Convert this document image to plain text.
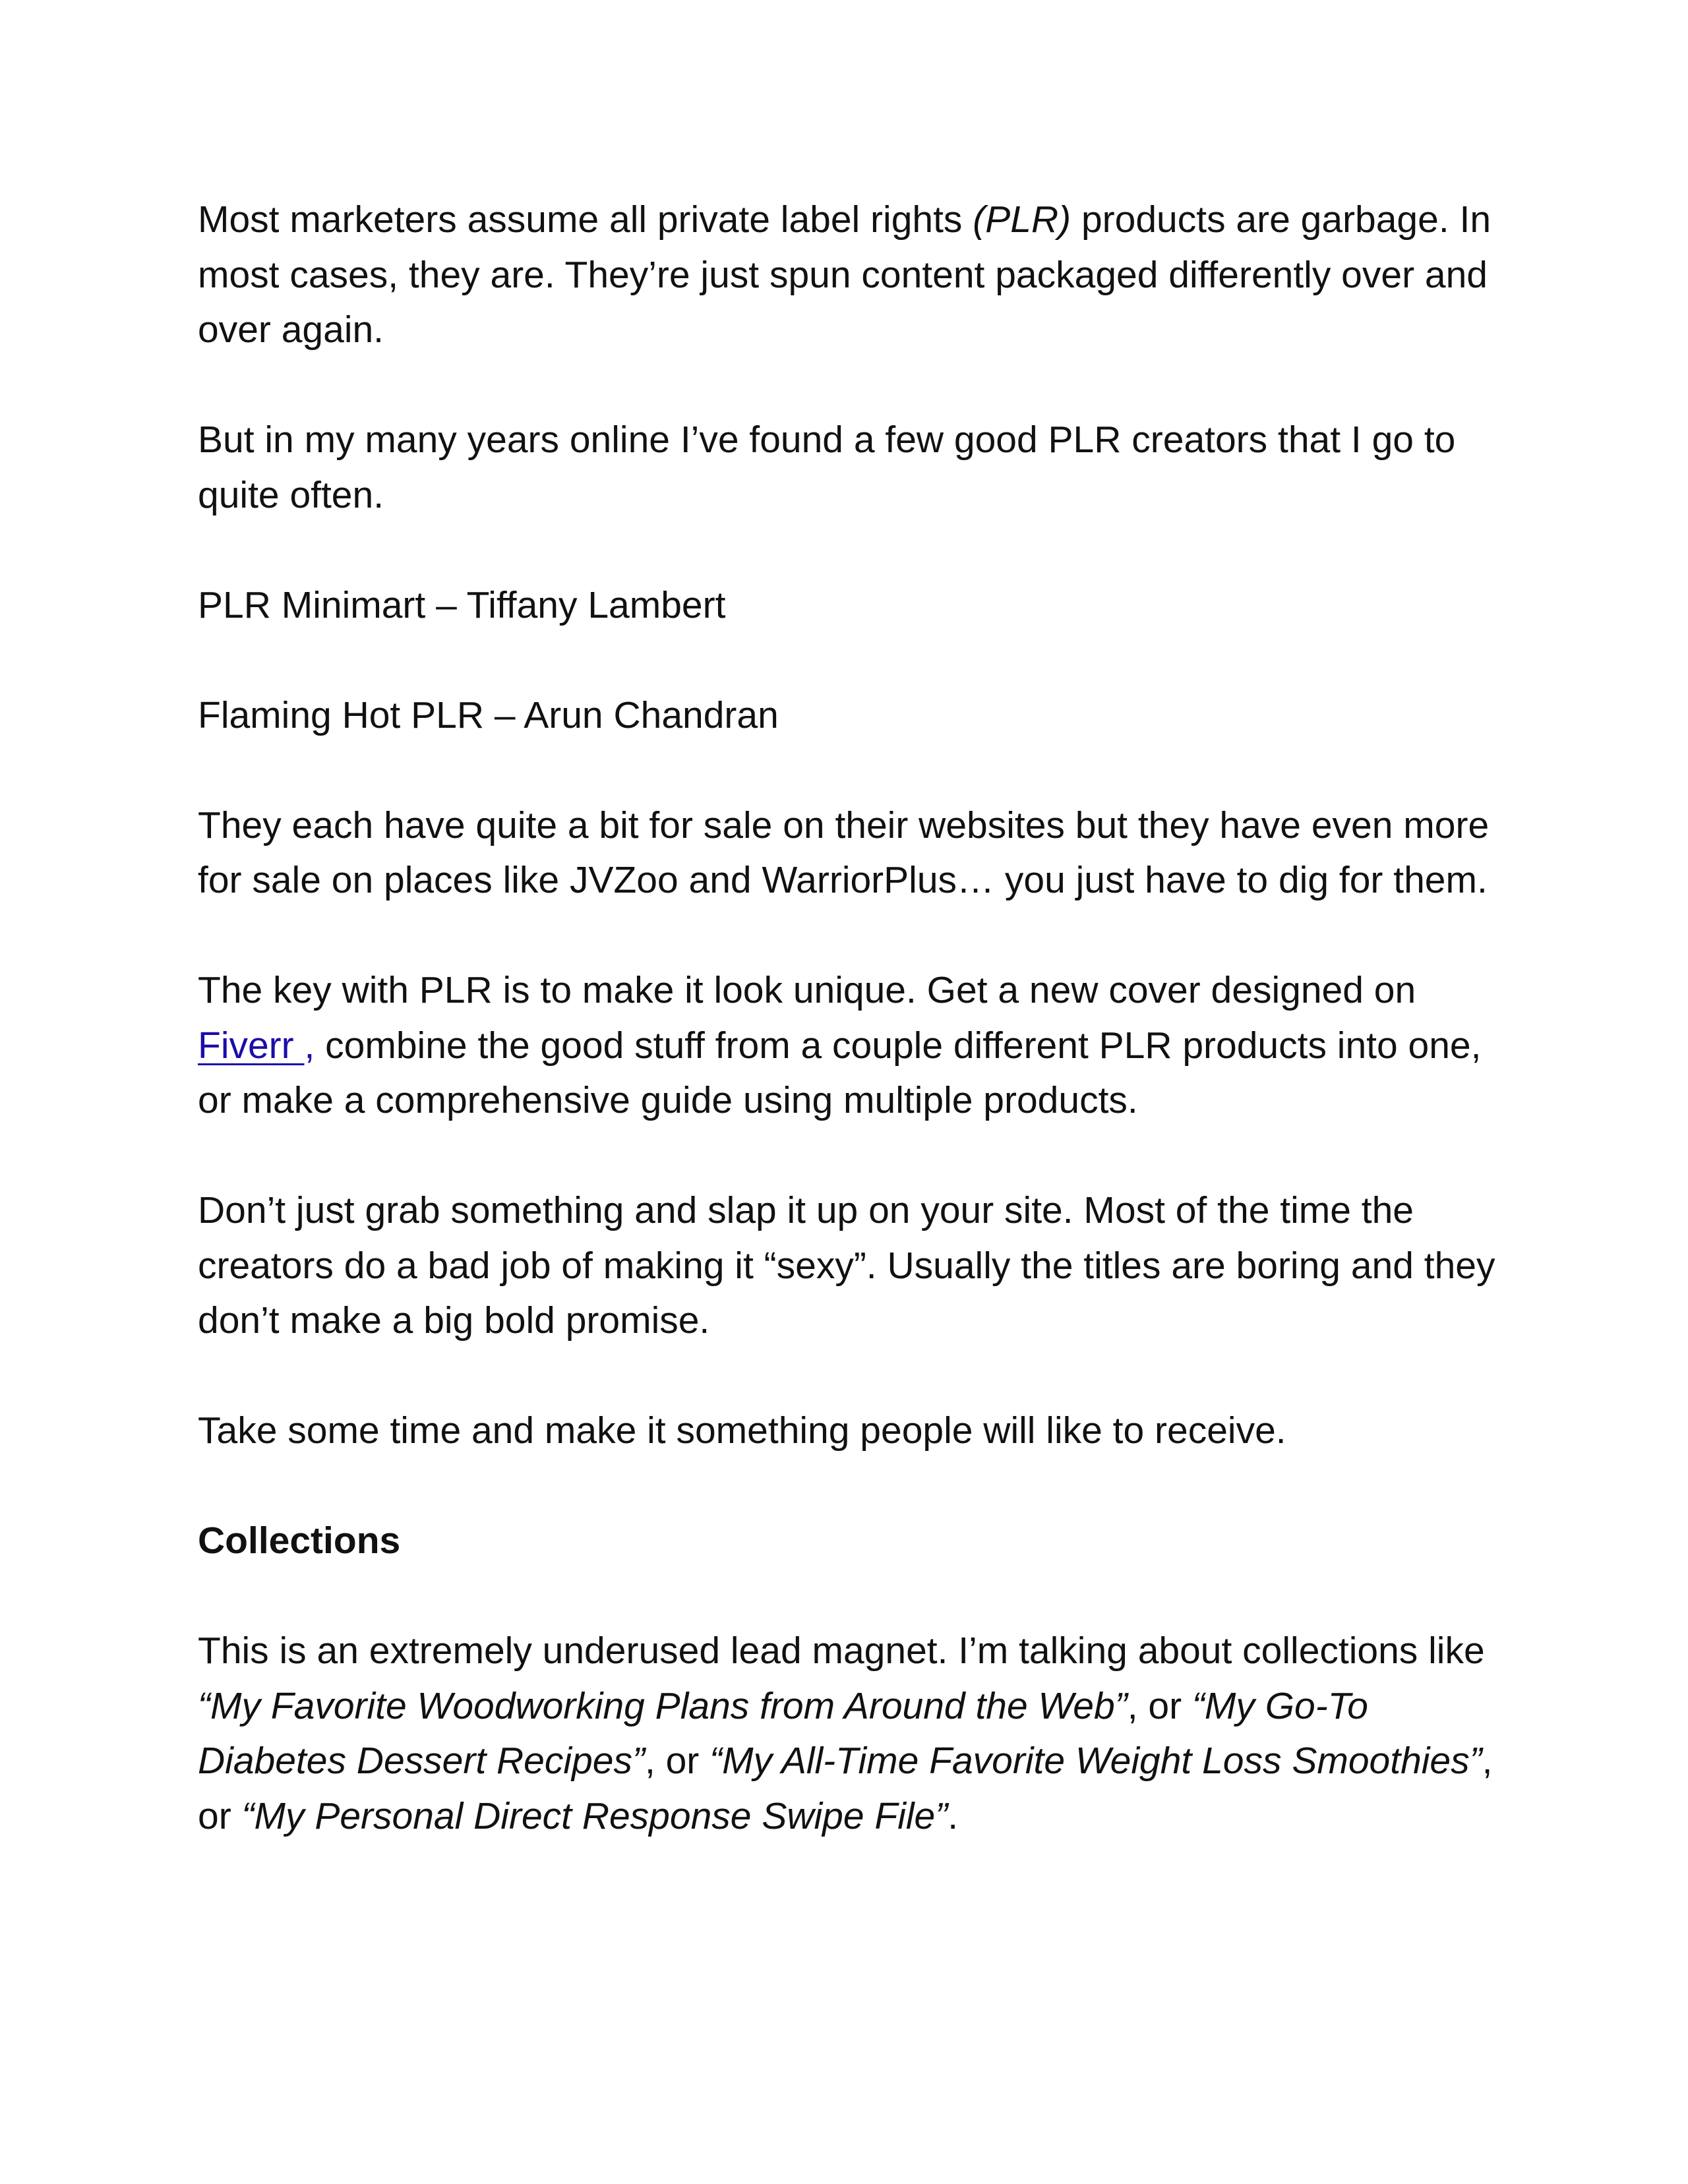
Most marketers assume all private label rights (PLR) products are garbage. In most cases, they are. They’re just spun content packaged differently over and over again.

But in my many years online I’ve found a few good PLR creators that I go to quite often.

PLR Minimart – Tiffany Lambert

Flaming Hot PLR – Arun Chandran

They each have quite a bit for sale on their websites but they have even more for sale on places like JVZoo and WarriorPlus… you just have to dig for them.

The key with PLR is to make it look unique. Get a new cover designed on
Fiverr , combine the good stuff from a couple different PLR products into one, or make a comprehensive guide using multiple products.

Don’t just grab something and slap it up on your site. Most of the time the creators do a bad job of making it “sexy”. Usually the titles are boring and they don’t make a big bold promise.

Take some time and make it something people will like to receive.

Collections

This is an extremely underused lead magnet. I’m talking about collections like “My Favorite Woodworking Plans from Around the Web”, or “My Go-To Diabetes Dessert Recipes”, or “My All-Time Favorite Weight Loss Smoothies”, or “My Personal Direct Response Swipe File”.
